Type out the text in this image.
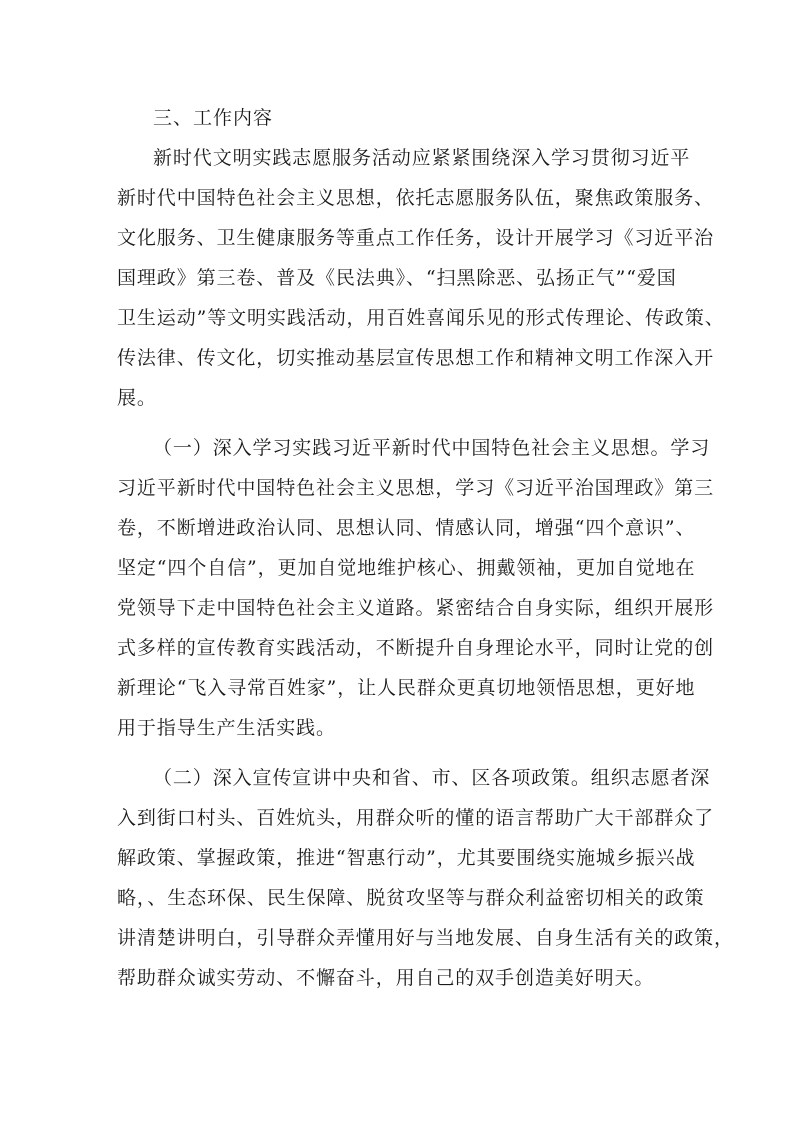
三、工作内容
新时代文明实践志愿服务活动应紧紧围绕深入学习贯彻习近平
新时代中国特色社会主义思想，依托志愿服务队伍，聚焦政策服务、
文化服务、卫生健康服务等重点工作任务，设计开展学习《习近平治
国理政》第三卷、普及《民法典》、“扫黑除恶、弘扬正气”“爱国
卫生运动”等文明实践活动，用百姓喜闻乐见的形式传理论、传政策、
传法律、传文化，切实推动基层宣传思想工作和精神文明工作深入开
展。
（一）深入学习实践习近平新时代中国特色社会主义思想。学习
习近平新时代中国特色社会主义思想，学习《习近平治国理政》第三
卷，不断增进政治认同、思想认同、情感认同，增强“四个意识”、
坚定“四个自信”，更加自觉地维护核心、拥戴领袖，更加自觉地在
党领导下走中国特色社会主义道路。紧密结合自身实际，组织开展形
式多样的宣传教育实践活动，不断提升自身理论水平，同时让党的创
新理论“飞入寻常百姓家”，让人民群众更真切地领悟思想，更好地
用于指导生产生活实践。
（二）深入宣传宣讲中央和省、市、区各项政策。组织志愿者深
入到街口村头、百姓炕头，用群众听的懂的语言帮助广大干部群众了
解政策、掌握政策，推进“智惠行动”，尤其要围绕实施城乡振兴战
略，、生态环保、民生保障、脱贫攻坚等与群众利益密切相关的政策
讲清楚讲明白，引导群众弄懂用好与当地发展、自身生活有关的政策，
帮助群众诚实劳动、不懈奋斗，用自己的双手创造美好明天。
